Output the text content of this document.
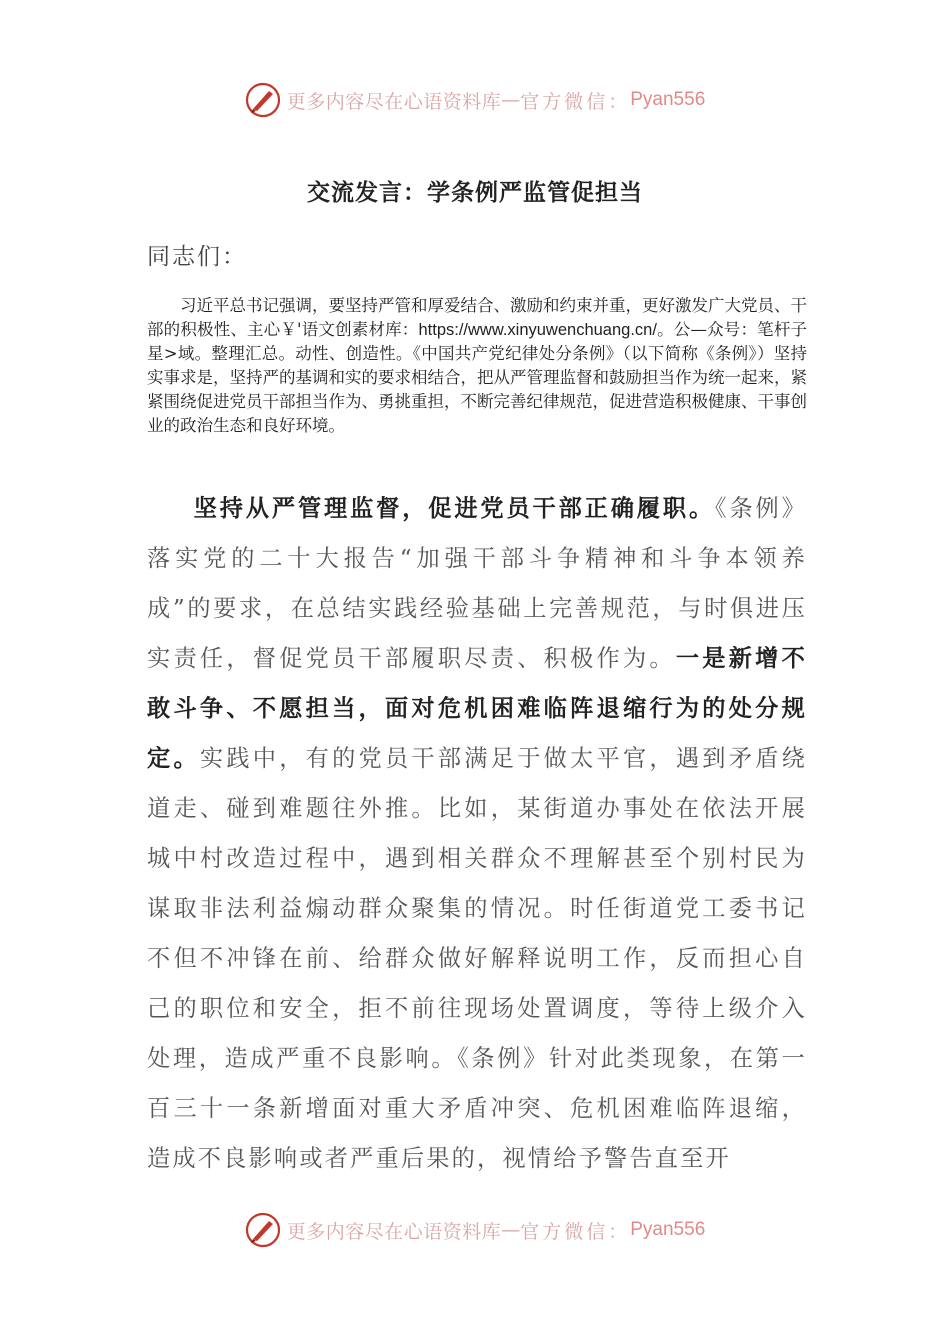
更多内容尽在心语资料库 — 官方微信： Pyan556
交流发言：学条例严监管促担当
同志们：
习近平总书记强调，要坚持严管和厚爱结合、激励和约束并重，更好激发广大党员、干部的积极性、主心￥'语文创素材库：https://www.xinyuwenchuang.cn/。公—众号：笔杆子星>域。整理汇总。动性、创造性。《中国共产党纪律处分条例》（以下简称《条例》）坚持实事求是，坚持严的基调和实的要求相结合，把从严管理监督和鼓励担当作为统一起来，紧紧围绕促进党员干部担当作为、勇挑重担，不断完善纪律规范，促进营造积极健康、干事创业的政治生态和良好环境。
坚持从严管理监督，促进党员干部正确履职。《条例》落实党的二十大报告“加强干部斗争精神和斗争本领养成”的要求，在总结实践经验基础上完善规范，与时俱进压实责任，督促党员干部履职尽责、积极作为。一是新增不敢斗争、不愿担当，面对危机困难临阵退缩行为的处分规定。实践中，有的党员干部满足于做太平官，遇到矛盾绕道走、碰到难题往外推。比如，某街道办事处在依法开展城中村改造过程中，遇到相关群众不理解甚至个别村民为谋取非法利益煽动群众聚集的情况。时任街道党工委书记不但不冲锋在前、给群众做好解释说明工作，反而担心自己的职位和安全，拒不前往现场处置调度，等待上级介入处理，造成严重不良影响。《条例》针对此类现象，在第一百三十一条新增面对重大矛盾冲突、危机困难临阵退缩，造成不良影响或者严重后果的，视情给予警告直至开
更多内容尽在心语资料库 — 官方微信： Pyan556
